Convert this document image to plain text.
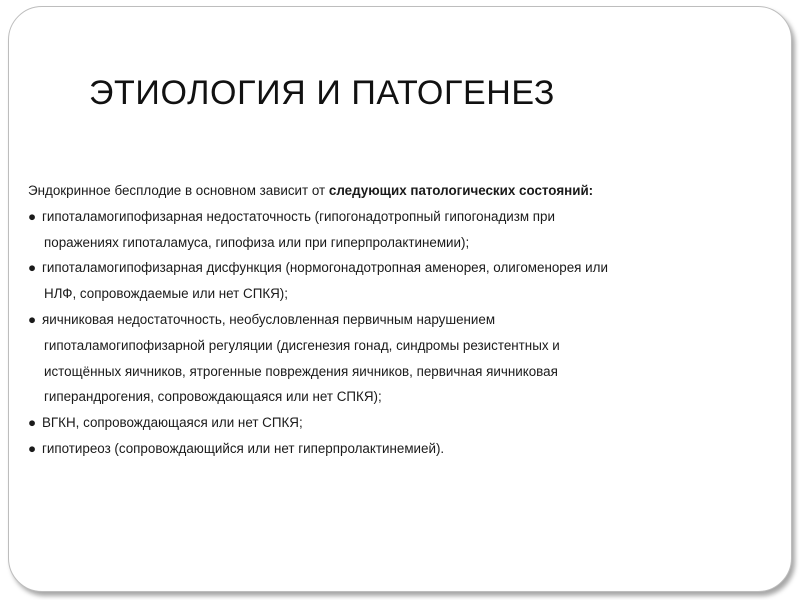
ЭТИОЛОГИЯ И ПАТОГЕНЕЗ
Эндокринное бесплодие в основном зависит от следующих патологических состояний:
● гипоталамогипофизарная недостаточность (гипогонадотропный гипогонадизм при
поражениях гипоталамуса, гипофиза или при гиперпролактинемии);
● гипоталамогипофизарная дисфункция (нормогонадотропная аменорея, олигоменорея или
НЛФ, сопровождаемые или нет СПКЯ);
● яичниковая недостаточность, необусловленная первичным нарушением
гипоталамогипофизарной регуляции (дисгенезия гонад, синдромы резистентных и
истощённых яичников, ятрогенные повреждения яичников, первичная яичниковая
гиперандрогения, сопровождающаяся или нет СПКЯ);
● ВГКН, сопровождающаяся или нет СПКЯ;
● гипотиреоз (сопровождающийся или нет гиперпролактинемией).
